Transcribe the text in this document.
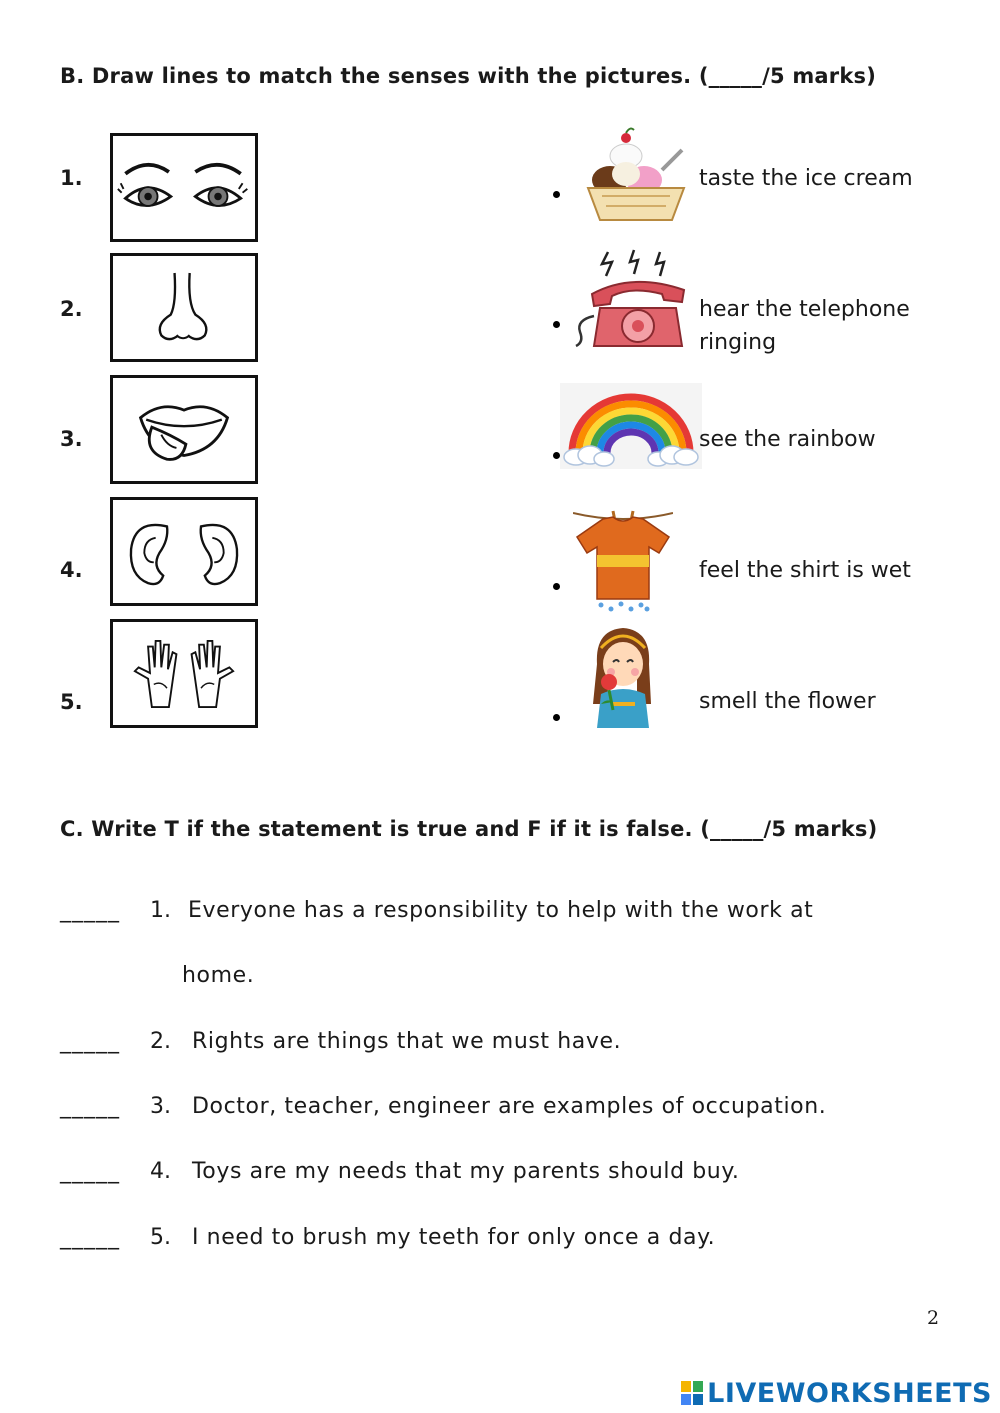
B. Draw lines to match the senses with the pictures. (_____/5 marks)
1.
2.
3.
4.
5.
taste the ice cream
hear the telephone
ringing
see the rainbow
feel the shirt is wet
smell the flower
C. Write T if the statement is true and F if it is false. (_____/5 marks)
_____ 1. Everyone has a responsibility to help with the work at
home.
_____ 2. Rights are things that we must have.
_____ 3. Doctor, teacher, engineer are examples of occupation.
_____ 4. Toys are my needs that my parents should buy.
_____ 5. I need to brush my teeth for only once a day.
2
LIVEWORKSHEETS
